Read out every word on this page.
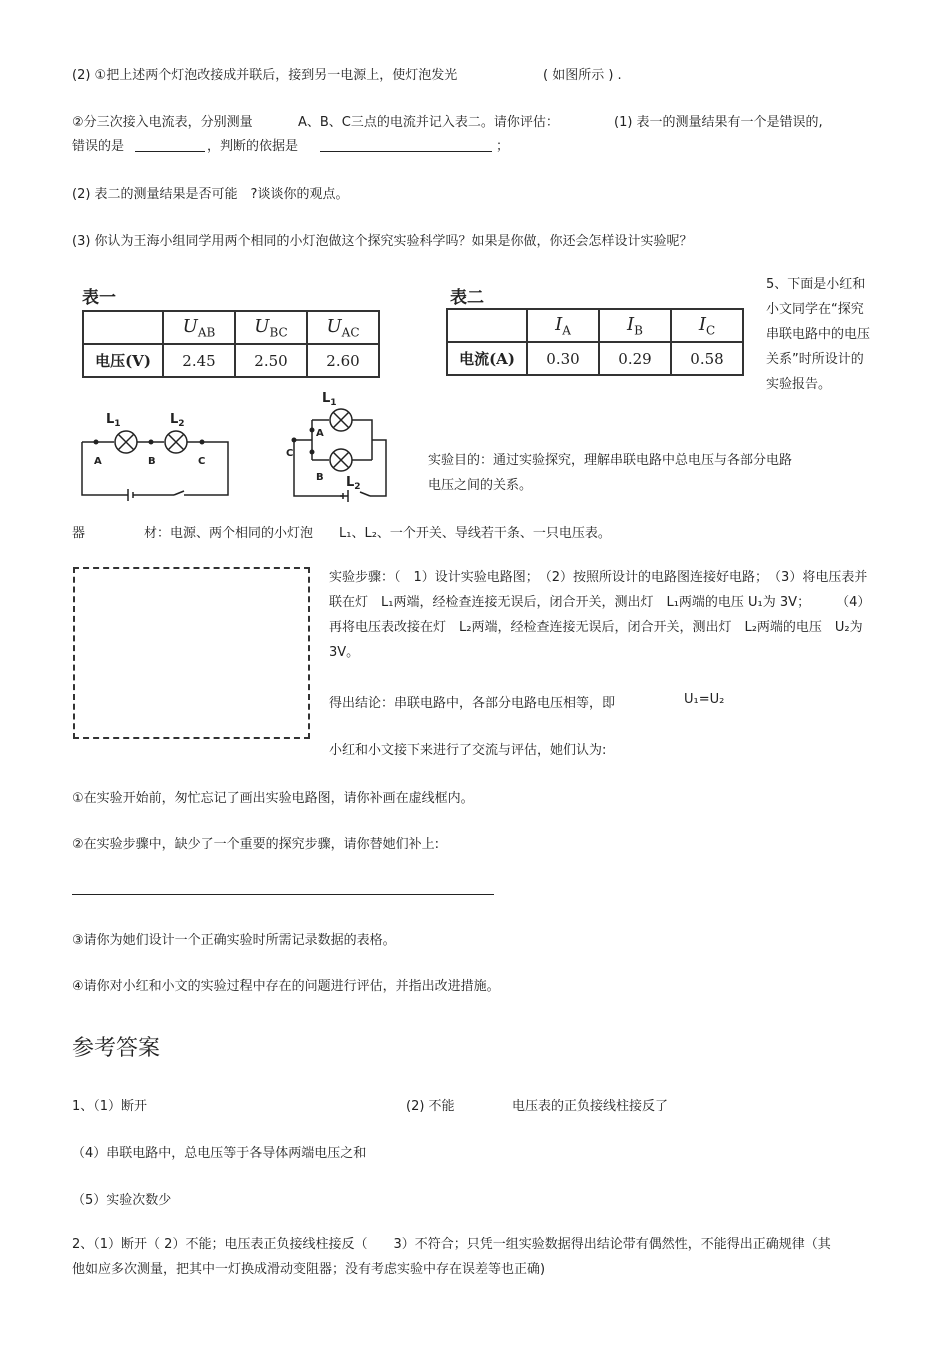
(2) ①把上述两个灯泡改接成并联后，接到另一电源上，使灯泡发光	( 如图所示 ) .
②分三次接入电流表，分别测量	A、B、C三点的电流并记入表二。请你评估：	(1) 表一的测量结果有一个是错误的,
错误的是	，判断的依据是	；
(2) 表二的测量结果是否可能　?谈谈你的观点。
(3) 你认为王海小组同学用两个相同的小灯泡做这个探究实验科学吗？如果是你做，你还会怎样设计实验呢？
表一
	$U_{AB}$	$U_{BC}$	$U_{AC}$
电压(V)	2.45	2.50	2.60
表二
	$I_A$	$I_B$	$I_C$
电流(A)	0.30	0.29	0.58
5、下面是小红和小文同学在“探究串联电路中的电压关系”时所设计的实验报告。
$L_1$	$L_2$
A	B	C
$L_1$
$L_2$
A
B
C	实验目的：通过实验探究，理解串联电路中总电压与各部分电路
电压之间的关系。
器	材：电源、两个相同的小灯泡　　L₁、L₂、一个开关、导线若干条、一只电压表。
实验步骤：（　1）设计实验电路图；　（2）按照所设计的电路图连接好电路；　（3）将电压表并联在灯　L₁两端，经检查连接无误后，闭合开关，测出灯　L₁两端的电压 U₁为 3V；　　　（4）再将电压表改接在灯　L₂两端，经检查连接无误后，闭合开关，测出灯　L₂两端的电压　U₂为 3V。
得出结论：串联电路中，各部分电路电压相等，即	U₁=U₂
小红和小文接下来进行了交流与评估，她们认为:
①在实验开始前，匆忙忘记了画出实验电路图，请你补画在虚线框内。
②在实验步骤中，缺少了一个重要的探究步骤，请你替她们补上:
③请你为她们设计一个正确实验时所需记录数据的表格。
④请你对小红和小文的实验过程中存在的问题进行评估，并指出改进措施。
参考答案
1、（1）断开	(2) 不能	电压表的正负接线柱接反了
（4）串联电路中，总电压等于各导体两端电压之和
（5）实验次数少
2、（1）断开（ 2）不能；电压表正负接线柱接反（　　3）不符合；只凭一组实验数据得出结论带有偶然性，不能得出正确规律（其他如应多次测量，把其中一灯换成滑动变阻器；没有考虑实验中存在误差等也正确)
